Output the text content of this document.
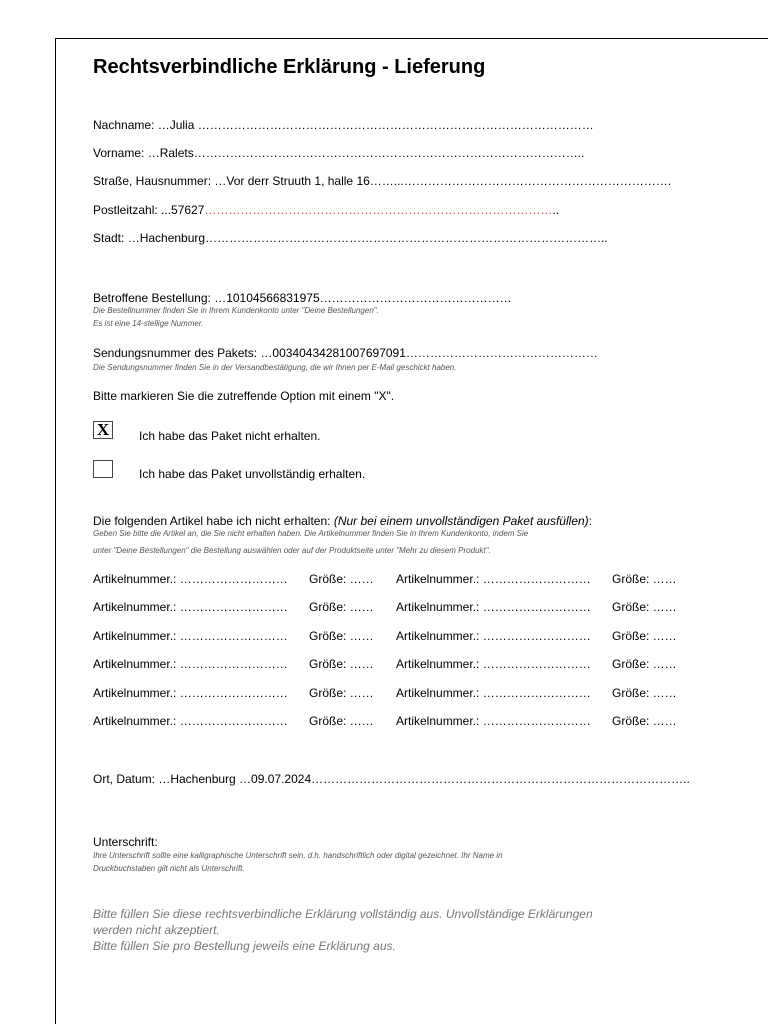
Rechtsverbindliche Erklärung - Lieferung
Nachname: …Julia ………………………………………………………………………………………
Vorname: …Ralets……………………………………………………………………………………..
Straße, Hausnummer: …Vor derr Struuth 1, halle 16……...………………………………………………………….
Postleitzahl: ...57627……………………………………………………………………………..
Stadt: …Hachenburg………………………………………………………………………………………..
Betroffene Bestellung: …10104566831975…………………………………………
Die Bestellnummer finden Sie in Ihrem Kundenkonto unter "Deine Bestellungen".
Es ist eine 14-stellige Nummer.
Sendungsnummer des Pakets: …00340434281007697091…………………………………………
Die Sendungsnummer finden Sie in der Versandbestätigung, die wir Ihnen per E-Mail geschickt haben.
Bitte markieren Sie die zutreffende Option mit einem "X".
X	Ich habe das Paket nicht erhalten.
Ich habe das Paket unvollständig erhalten.
Die folgenden Artikel habe ich nicht erhalten: (Nur bei einem unvollständigen Paket ausfüllen):
Geben Sie bitte die Artikel an, die Sie nicht erhalten haben. Die Artikelnummer finden Sie in Ihrem Kundenkonto, indem Sie
unter "Deine Bestellungen" die Bestellung auswählen oder auf der Produktseite unter "Mehr zu diesem Produkt".
Artikelnummer.: ……………………… Größe: …… Artikelnummer.: ……………………… Größe: ……
Artikelnummer.: ……………………… Größe: …… Artikelnummer.: ……………………… Größe: ……
Artikelnummer.: ……………………… Größe: …… Artikelnummer.: ……………………… Größe: ……
Artikelnummer.: ……………………… Größe: …… Artikelnummer.: ……………………… Größe: ……
Artikelnummer.: ……………………… Größe: …… Artikelnummer.: ……………………… Größe: ……
Artikelnummer.: ……………………… Größe: …… Artikelnummer.: ……………………… Größe: ……
Ort, Datum: …Hachenburg …09.07.2024…………………………………………………………………………………..
Unterschrift:
Ihre Unterschrift sollte eine kalligraphische Unterschrift sein, d.h. handschriftlich oder digital gezeichnet. Ihr Name in
Druckbuchstaben gilt nicht als Unterschrift.
Bitte füllen Sie diese rechtsverbindliche Erklärung vollständig aus. Unvollständige Erklärungen
werden nicht akzeptiert.
Bitte füllen Sie pro Bestellung jeweils eine Erklärung aus.
